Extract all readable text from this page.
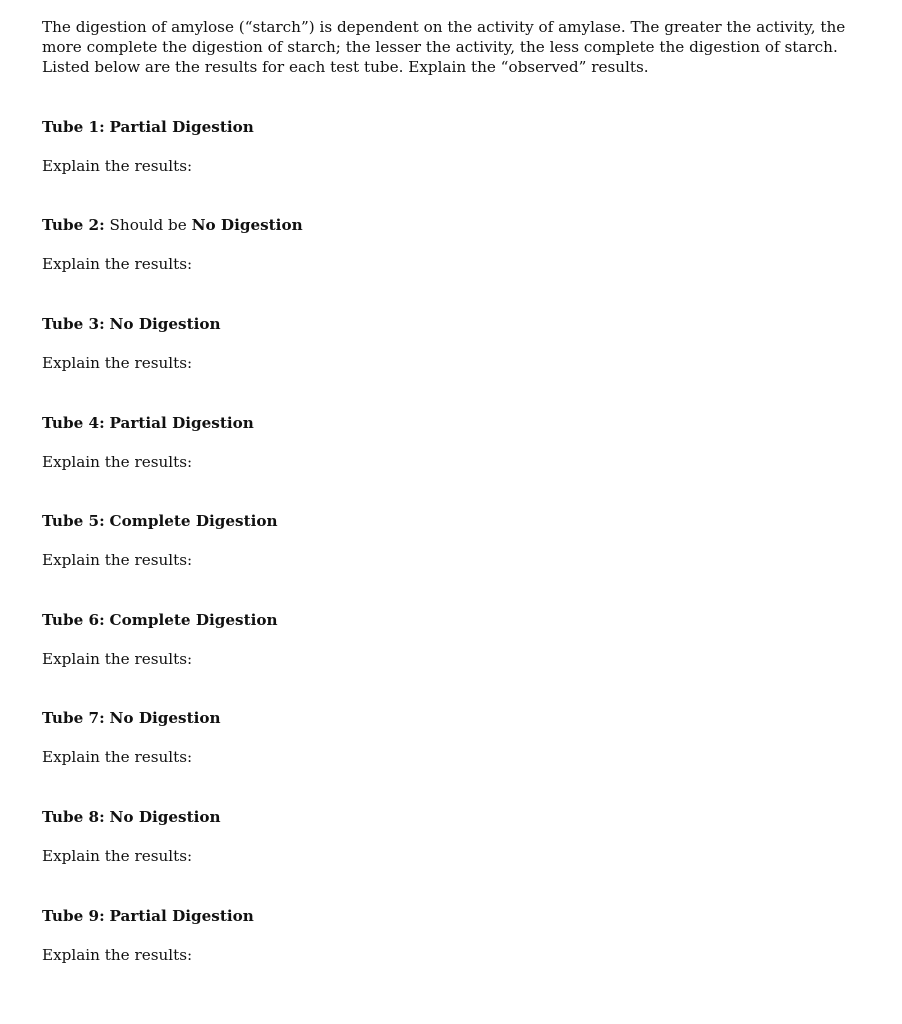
The digestion of amylose (“starch”) is dependent on the activity of amylase. The greater the activity, the more complete the digestion of starch; the lesser the activity, the less complete the digestion of starch. Listed below are the results for each test tube. Explain the “observed” results.

Tube 1: Partial Digestion

Explain the results:

Tube 2: Should be No Digestion

Explain the results:

Tube 3: No Digestion

Explain the results:

Tube 4: Partial Digestion

Explain the results:

Tube 5: Complete Digestion

Explain the results:

Tube 6: Complete Digestion

Explain the results:

Tube 7: No Digestion

Explain the results:

Tube 8: No Digestion

Explain the results:

Tube 9: Partial Digestion

Explain the results:
